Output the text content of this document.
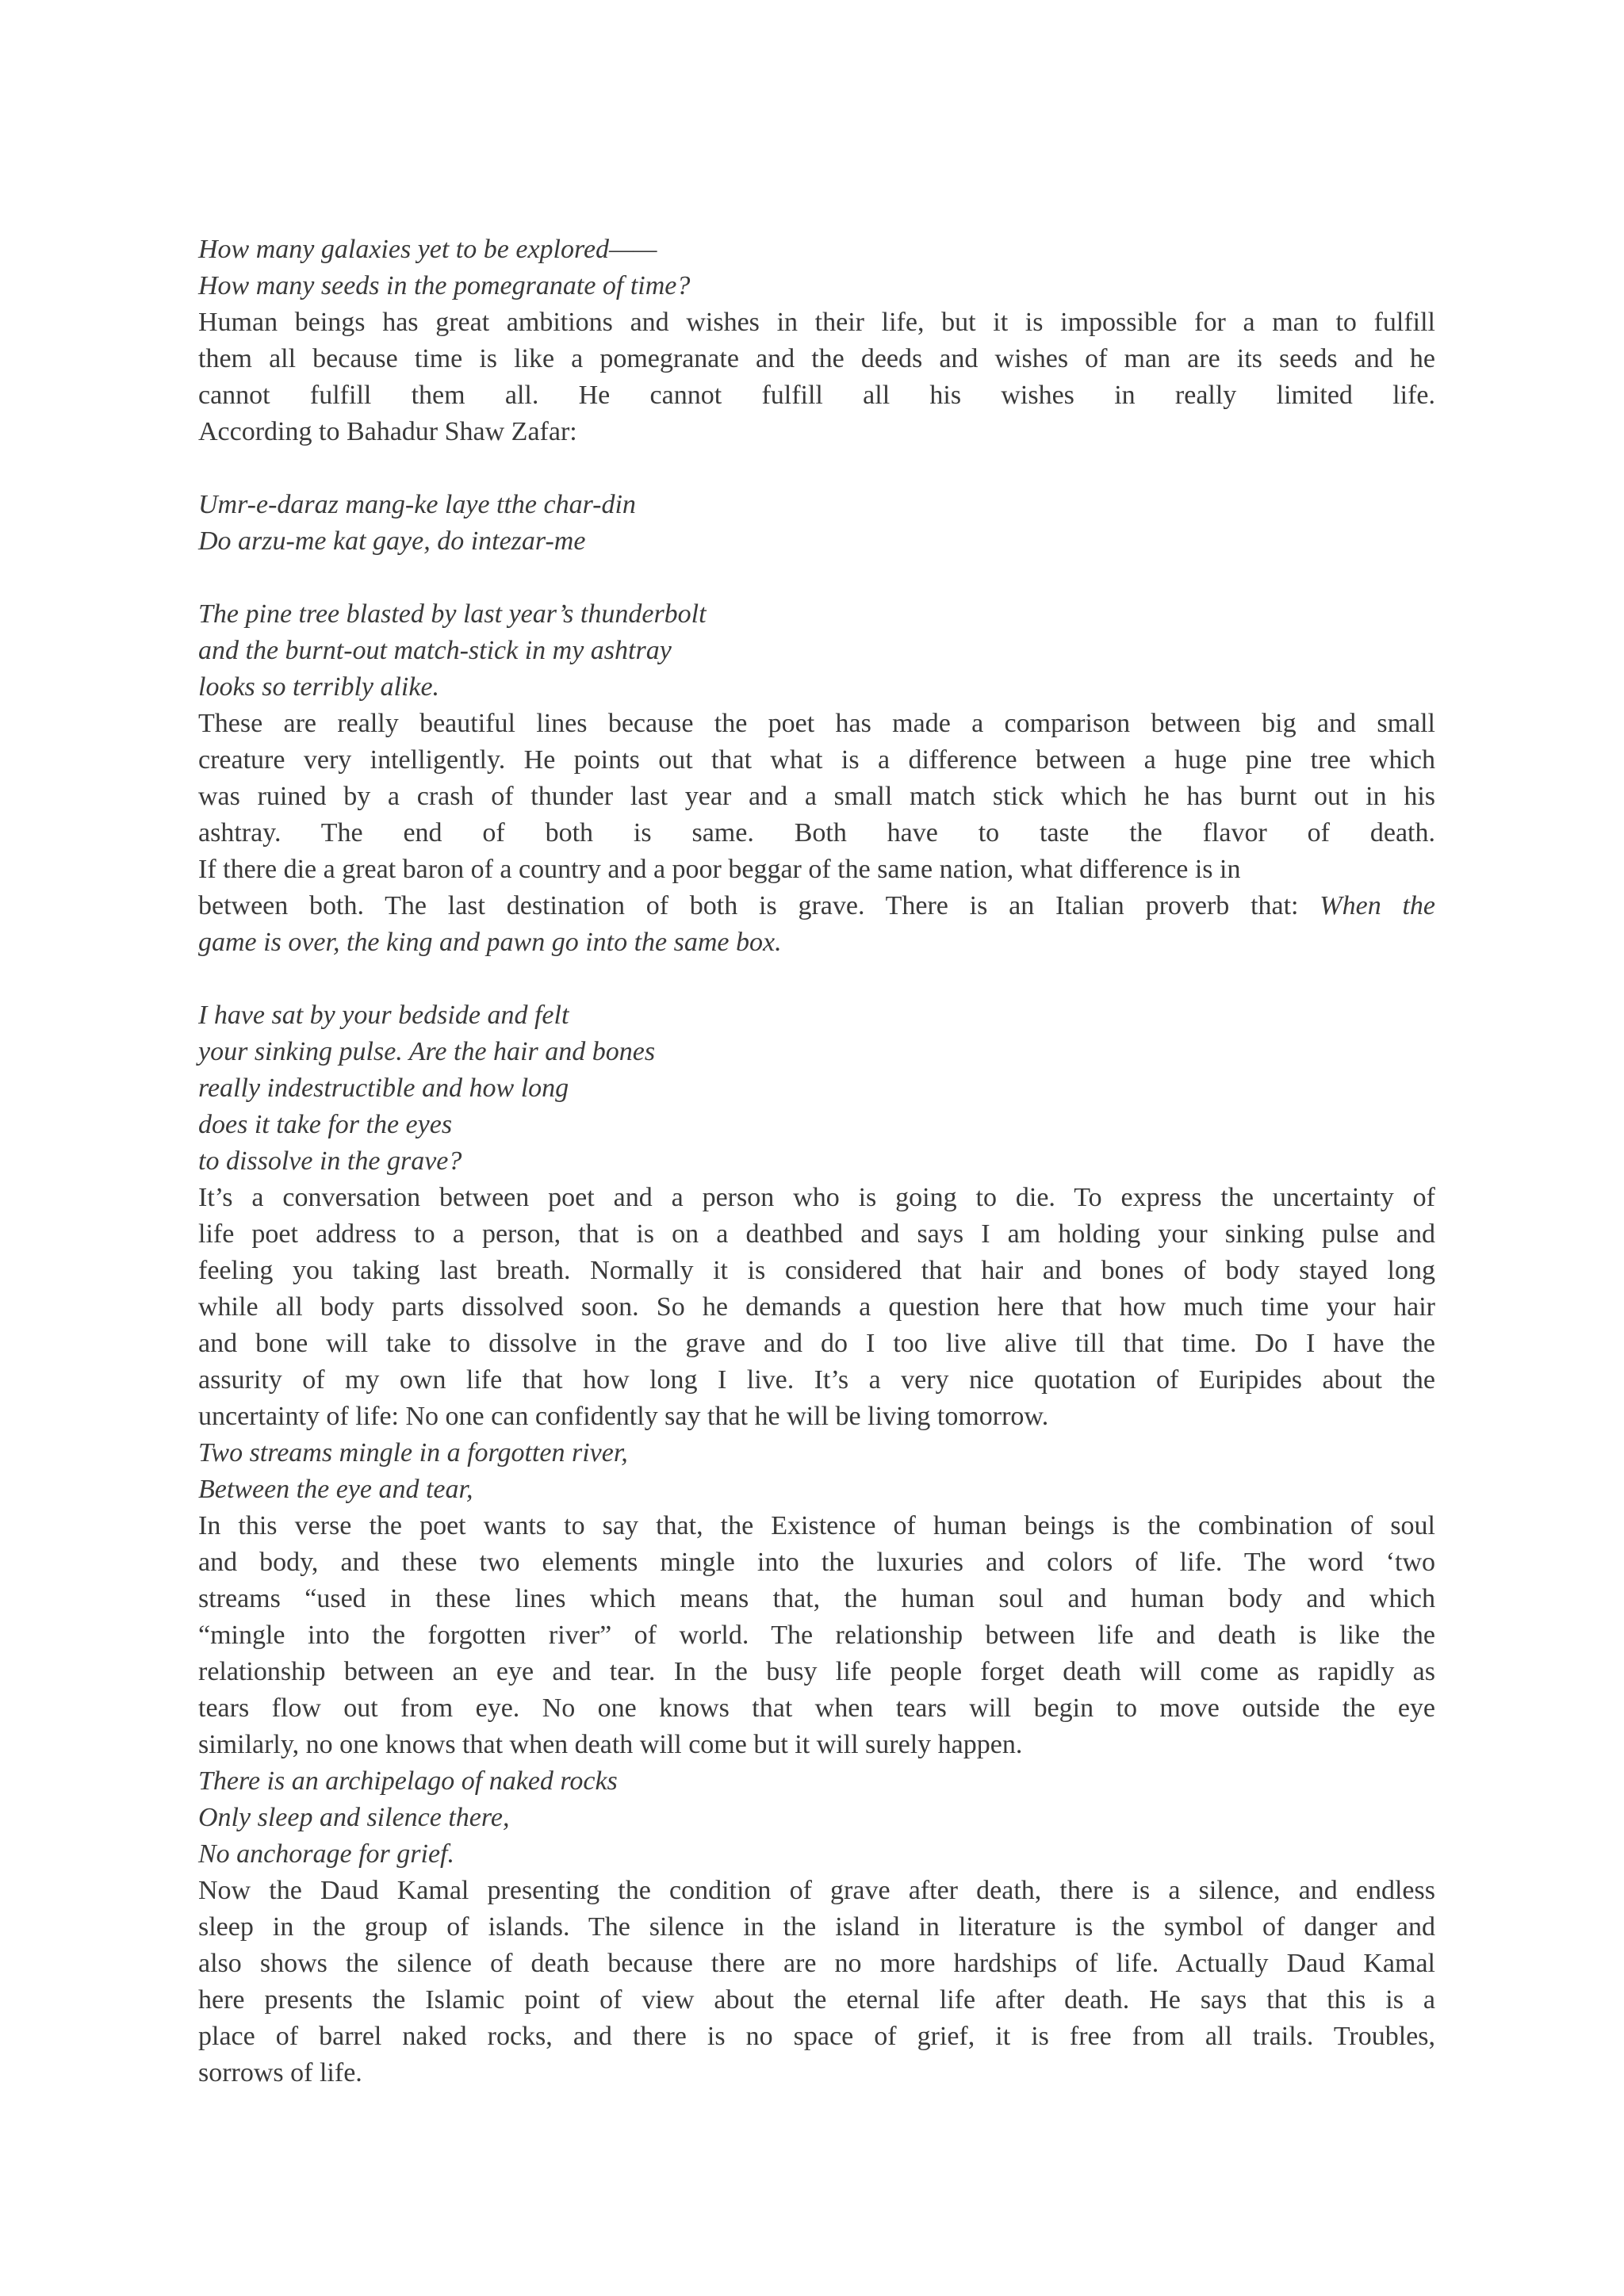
How many galaxies yet to be explored——
How many seeds in the pomegranate of time?
Human beings has great ambitions and wishes in their life, but it is impossible for a man to fulfill
them all because time is like a pomegranate and the deeds and wishes of man are its seeds and he
cannot fulfill them all. He cannot fulfill all his wishes in really limited life.
According to Bahadur Shaw Zafar:
Umr-e-daraz mang-ke laye tthe char-din
Do arzu-me kat gaye, do intezar-me
The pine tree blasted by last year’s thunderbolt
and the burnt-out match-stick in my ashtray
looks so terribly alike.
These are really beautiful lines because the poet has made a comparison between big and small
creature very intelligently. He points out that what is a difference between a huge pine tree which
was ruined by a crash of thunder last year and a small match stick which he has burnt out in his
ashtray. The end of both is same. Both have to taste the flavor of death.
If there die a great baron of a country and a poor beggar of the same nation, what difference is in
between both. The last destination of both is grave. There is an Italian proverb that: When the
game is over, the king and pawn go into the same box.
I have sat by your bedside and felt
your sinking pulse. Are the hair and bones
really indestructible and how long
does it take for the eyes
to dissolve in the grave?
It’s a conversation between poet and a person who is going to die. To express the uncertainty of
life poet address to a person, that is on a deathbed and says I am holding your sinking pulse and
feeling you taking last breath. Normally it is considered that hair and bones of body stayed long
while all body parts dissolved soon. So he demands a question here that how much time your hair
and bone will take to dissolve in the grave and do I too live alive till that time. Do I have the
assurity of my own life that how long I live. It’s a very nice quotation of Euripides about the
uncertainty of life: No one can confidently say that he will be living tomorrow.
Two streams mingle in a forgotten river,
Between the eye and tear,
In this verse the poet wants to say that, the Existence of human beings is the combination of soul
and body, and these two elements mingle into the luxuries and colors of life. The word ‘two
streams “used in these lines which means that, the human soul and human body and which
“mingle into the forgotten river” of world. The relationship between life and death is like the
relationship between an eye and tear. In the busy life people forget death will come as rapidly as
tears flow out from eye. No one knows that when tears will begin to move outside the eye
similarly, no one knows that when death will come but it will surely happen.
There is an archipelago of naked rocks
Only sleep and silence there,
No anchorage for grief.
Now the Daud Kamal presenting the condition of grave after death, there is a silence, and endless
sleep in the group of islands. The silence in the island in literature is the symbol of danger and
also shows the silence of death because there are no more hardships of life. Actually Daud Kamal
here presents the Islamic point of view about the eternal life after death. He says that this is a
place of barrel naked rocks, and there is no space of grief, it is free from all trails. Troubles,
sorrows of life.
